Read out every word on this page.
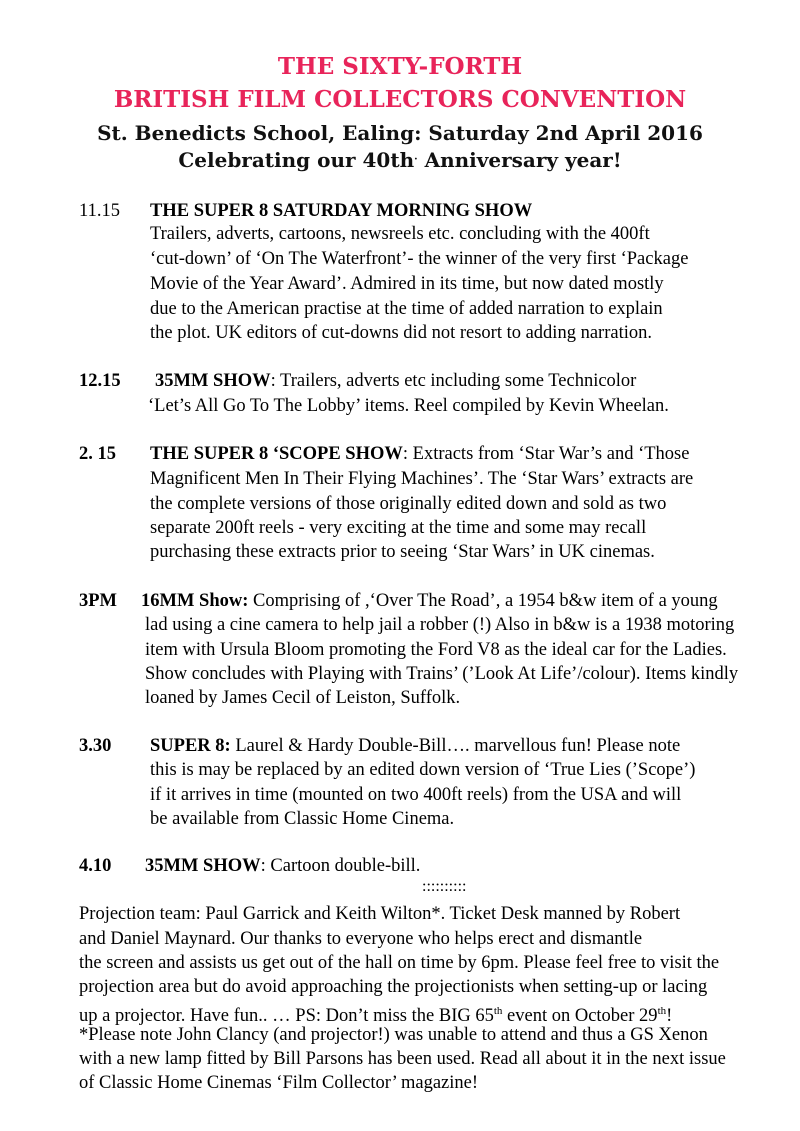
THE SIXTY-FORTH
BRITISH FILM COLLECTORS CONVENTION
St. Benedicts School, Ealing: Saturday 2nd April 2016
Celebrating our 40th. Anniversary year!
11.15 THE SUPER 8 SATURDAY MORNING SHOW
Trailers, adverts, cartoons, newsreels etc. concluding with the 400ft
‘cut-down’ of ‘On The Waterfront’- the winner of the very first ‘Package
Movie of the Year Award’. Admired in its time, but now dated mostly
due to the American practise at the time of added narration to explain
the plot. UK editors of cut-downs did not resort to adding narration.
12.15 35MM SHOW: Trailers, adverts etc including some Technicolor
‘Let’s All Go To The Lobby’ items. Reel compiled by Kevin Wheelan.
2. 15 THE SUPER 8 ‘SCOPE SHOW: Extracts from ‘Star War’s and ‘Those
Magnificent Men In Their Flying Machines’. The ‘Star Wars’ extracts are
the complete versions of those originally edited down and sold as two
separate 200ft reels - very exciting at the time and some may recall
purchasing these extracts prior to seeing ‘Star Wars’ in UK cinemas.
3PM 16MM Show: Comprising of ,‘Over The Road’, a 1954 b&w item of a young
lad using a cine camera to help jail a robber (!) Also in b&w is a 1938 motoring
item with Ursula Bloom promoting the Ford V8 as the ideal car for the Ladies.
Show concludes with Playing with Trains’ (’Look At Life’/colour). Items kindly
loaned by James Cecil of Leiston, Suffolk.
3.30 SUPER 8: Laurel & Hardy Double-Bill…. marvellous fun! Please note
this is may be replaced by an edited down version of ‘True Lies (’Scope’)
if it arrives in time (mounted on two 400ft reels) from the USA and will
be available from Classic Home Cinema.
4.10 35MM SHOW: Cartoon double-bill.
::::::::::
Projection team: Paul Garrick and Keith Wilton*. Ticket Desk manned by Robert
and Daniel Maynard. Our thanks to everyone who helps erect and dismantle
the screen and assists us get out of the hall on time by 6pm. Please feel free to visit the
projection area but do avoid approaching the projectionists when setting-up or lacing
up a projector. Have fun.. … PS: Don’t miss the BIG 65th event on October 29th!
*Please note John Clancy (and projector!) was unable to attend and thus a GS Xenon
with a new lamp fitted by Bill Parsons has been used. Read all about it in the next issue
of Classic Home Cinemas ‘Film Collector’ magazine!
